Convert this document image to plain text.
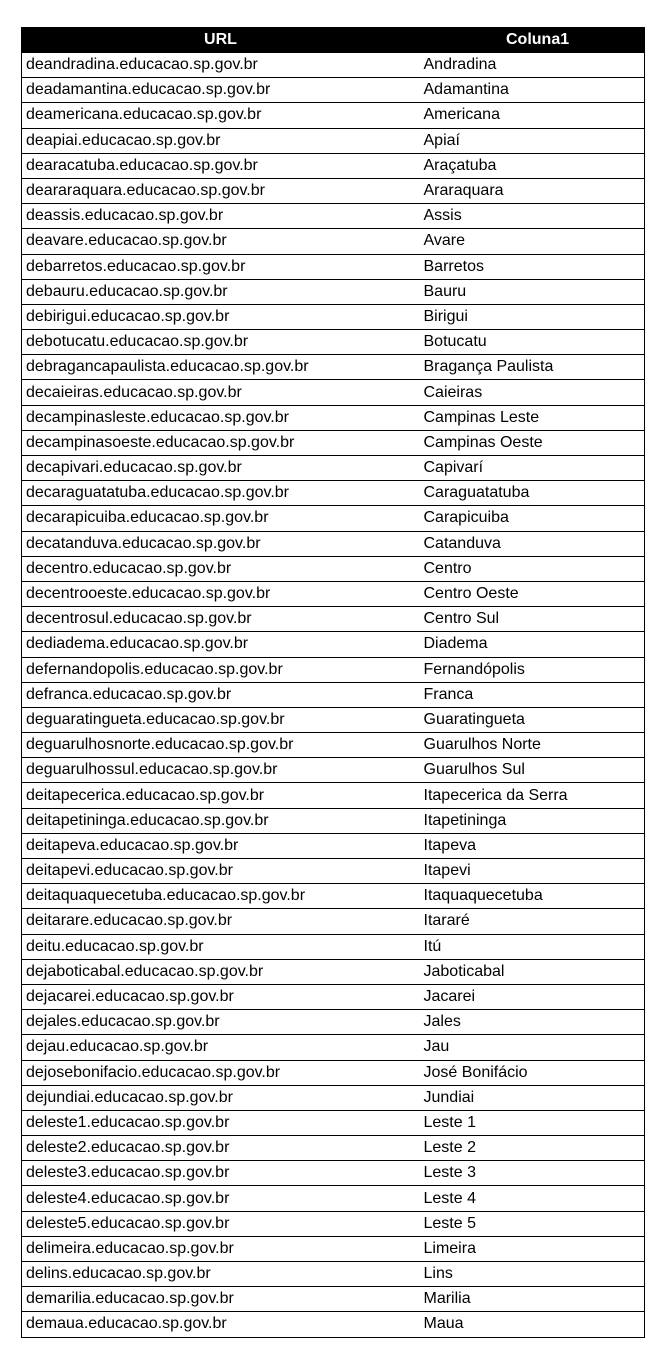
URL	Coluna1
deandradina.educacao.sp.gov.br	Andradina
deadamantina.educacao.sp.gov.br	Adamantina
deamericana.educacao.sp.gov.br	Americana
deapiai.educacao.sp.gov.br	Apiaí
dearacatuba.educacao.sp.gov.br	Araçatuba
deararaquara.educacao.sp.gov.br	Araraquara
deassis.educacao.sp.gov.br	Assis
deavare.educacao.sp.gov.br	Avare
debarretos.educacao.sp.gov.br	Barretos
debauru.educacao.sp.gov.br	Bauru
debirigui.educacao.sp.gov.br	Birigui
debotucatu.educacao.sp.gov.br	Botucatu
debragancapaulista.educacao.sp.gov.br	Bragança Paulista
decaieiras.educacao.sp.gov.br	Caieiras
decampinasleste.educacao.sp.gov.br	Campinas Leste
decampinasoeste.educacao.sp.gov.br	Campinas Oeste
decapivari.educacao.sp.gov.br	Capivarí
decaraguatatuba.educacao.sp.gov.br	Caraguatatuba
decarapicuiba.educacao.sp.gov.br	Carapicuiba
decatanduva.educacao.sp.gov.br	Catanduva
decentro.educacao.sp.gov.br	Centro
decentrooeste.educacao.sp.gov.br	Centro Oeste
decentrosul.educacao.sp.gov.br	Centro Sul
dediadema.educacao.sp.gov.br	Diadema
defernandopolis.educacao.sp.gov.br	Fernandópolis
defranca.educacao.sp.gov.br	Franca
deguaratingueta.educacao.sp.gov.br	Guaratingueta
deguarulhosnorte.educacao.sp.gov.br	Guarulhos Norte
deguarulhossul.educacao.sp.gov.br	Guarulhos Sul
deitapecerica.educacao.sp.gov.br	Itapecerica da Serra
deitapetininga.educacao.sp.gov.br	Itapetininga
deitapeva.educacao.sp.gov.br	Itapeva
deitapevi.educacao.sp.gov.br	Itapevi
deitaquaquecetuba.educacao.sp.gov.br	Itaquaquecetuba
deitarare.educacao.sp.gov.br	Itararé
deitu.educacao.sp.gov.br	Itú
dejaboticabal.educacao.sp.gov.br	Jaboticabal
dejacarei.educacao.sp.gov.br	Jacarei
dejales.educacao.sp.gov.br	Jales
dejau.educacao.sp.gov.br	Jau
dejosebonifacio.educacao.sp.gov.br	José Bonifácio
dejundiai.educacao.sp.gov.br	Jundiai
deleste1.educacao.sp.gov.br	Leste 1
deleste2.educacao.sp.gov.br	Leste 2
deleste3.educacao.sp.gov.br	Leste 3
deleste4.educacao.sp.gov.br	Leste 4
deleste5.educacao.sp.gov.br	Leste 5
delimeira.educacao.sp.gov.br	Limeira
delins.educacao.sp.gov.br	Lins
demarilia.educacao.sp.gov.br	Marilia
demaua.educacao.sp.gov.br	Maua
